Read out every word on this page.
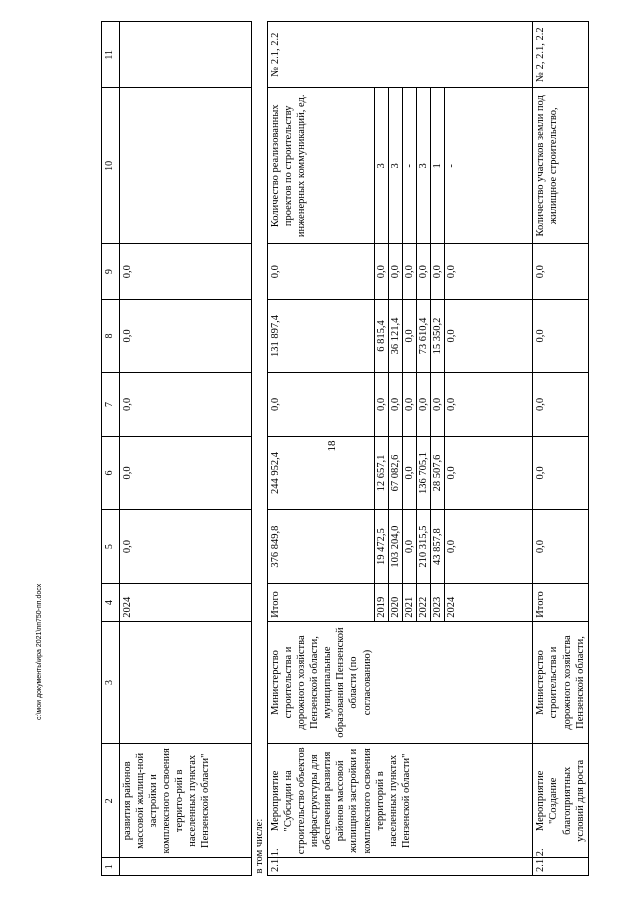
18
1	2	3	4	5	6	7	8	9	10	11
	развития районов массовой жилищ-ной застройки и комплексного освоения террито-рий в населенных пунктах Пензенской области"		2024	0,0	0,0	0,0	0,0	0,0		
в том числе:										
2.1.1.	Мероприятие "Субсидии на строительство объектов инфраструктуры для обеспечения развития районов массовой жилищной застройки и комплексного освоения территорий в населенных пунктах Пензенской области"	Министерство строительства и дорожного хозяйства Пензенской области, муниципальные образования Пензенской области (по согласованию)	Итого	376 849,8	244 952,4	0,0	131 897,4	0,0	Количество реализованных проектов по строительству инженерных коммуникаций, ед.	№ 2.1, 2.2
			2019	19 472,5	12 657,1	0,0	6 815,4	0,0	3	
			2020	103 204,0	67 082,6	0,0	36 121,4	0,0	3	
			2021	0,0	0,0	0,0	0,0	0,0	-	
			2022	210 315,5	136 705,1	0,0	73 610,4	0,0	3	
			2023	43 857,8	28 507,6	0,0	15 350,2	0,0	1	
			2024	0,0	0,0	0,0	0,0	0,0	-	
2.1.2.	Мероприятие "Создание благоприятных условий для роста	Министерство строительства и дорожного хозяйства Пензенской области,	Итого	0,0	0,0	0,0	0,0	0,0	Количество участков земли под жилищное строительство,	№ 2, 2.1, 2.2
c:\мои документы\ира 2021\пп750-пп.docx
